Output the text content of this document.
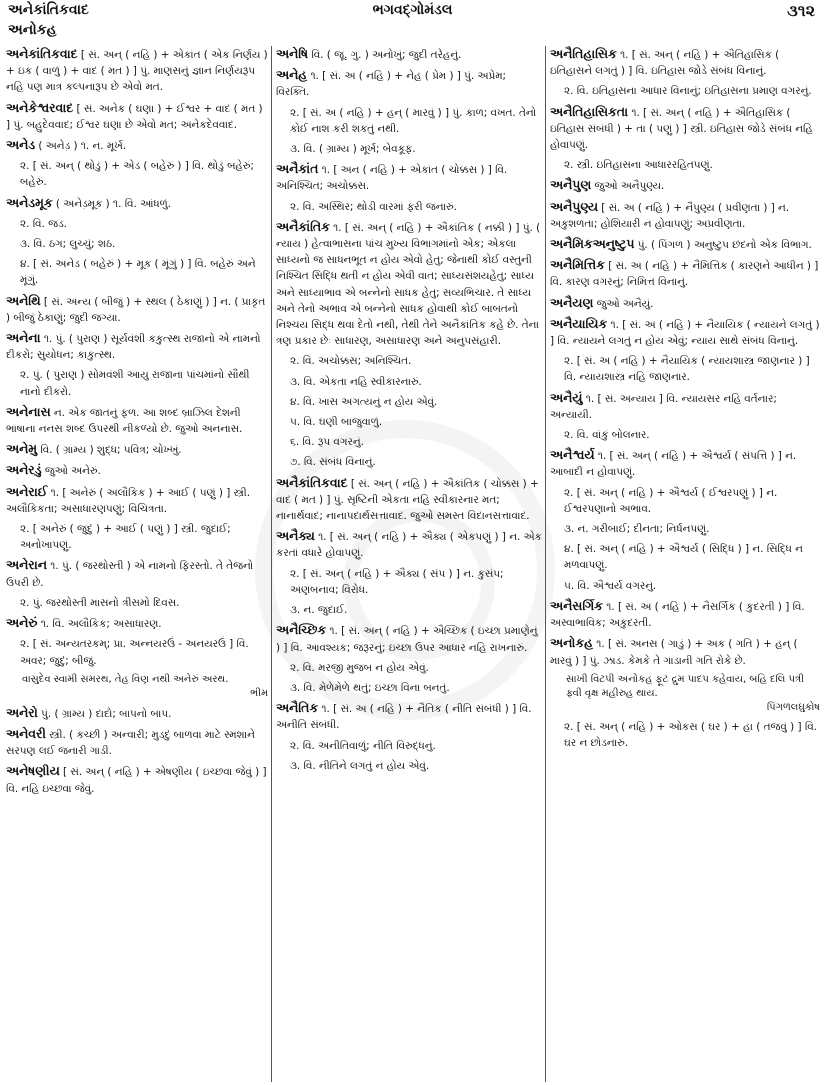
અનેકાંતિકવાદ
અનોકહ
ભગવદ્ગોમંડલ	૩૧૨
અનેકાંતિકવાદ [ સં. અન્ ( નહિ ) + એકાંત ( એક નિર્ણય ) + ઇક ( વાળું ) + વાદ ( મત ) ] પું. માણસનું જ્ઞાન નિર્ણયરૂપ નહિ પણ માત્ર કલ્પનારૂપ છે એવો મત.
અનેકેશ્વરવાદ [ સં. અનેક ( ઘણા ) + ઈશ્વર + વાદ ( મત ) ] પું. બહુદેવવાદ; ઈશ્વર ઘણા છે એવો મત; અનેકદેવવાદ.
અનેડ ( અનેડ઼ ) ૧. ન. મૂર્ખ.
૨. [ સં. અન્ ( થોડું ) + એડ ( બહેરું ) ] વિ. થોડું બહેરું; બહેરું.
અનેડમૂક ( અનેડ઼મૂક ) ૧. વિ. આંધળું.
૨. વિ. જડ.
૩. વિ. ઠગ; લુચ્ચું; શઠ.
૪. [ સં. અનેડ ( બહેરું ) + મૂક ( મૂંગું ) ] વિ. બહેરું અને મૂંગું.
અનેથિ [ સં. અન્ય ( બીજું ) + સ્થલ ( ઠેકાણું ) ] ન. ( પ્રાકૃત ) બીજું ઠેકાણું; જુદી જગ્યા.
અનેના ૧. પું. ( પુરાણ ) સૂર્યવંશી કકુત્સ્થ રાજાનો એ નામનો દીકરો; સુયોધન; કાકુત્સ્થ.
૨. પું. ( પુરાણ ) સોમવંશી આયુ રાજાના પાંચમાંનો સૌથી નાનો દીકરો.
અનેનાસ ન. એક જાતનું ફળ. આ શબ્દ બ્રાઝિલ દેશની ભાષાના નનસ શબ્દ ઉપરથી નીકળ્યો છે. જુઓ અનનાસ.
અનેમુ વિ. ( ગ્રામ્ય ) શુદ્ધ; પવિત્ર; ચોખ્ખું.
અનેરડું જુઓ અનેરું.
અનેરાઈ ૧. [ અનેરું ( અલૌકિક ) + આઈ ( પણું ) ] સ્ત્રી. અલૌકિકતા; અસાધારણપણું; વિચિત્રતા.
૨. [ અનેરું ( જુદું ) + આઈ ( પણું ) ] સ્ત્રી. જુદાઈ; અનોખાપણું.
અનેરાન ૧. પું. ( જરથોસ્તી ) એ નામનો ફિરસ્તો. તે તેજનો ઉપરી છે.
૨. પું. જરથોસ્તી માસનો ત્રીસમો દિવસ.
અનેરું ૧. વિ. અલૌકિક; અસાધારણ.
૨. [ સં. અન્યતરકમ્; પ્રા. અન્નયરઉં - અનયરઉં ] વિ. અવર; જુદું; બીજું.
વાસુદેવ સ્વામી સમરથ, તેહ વિણ નથી અનેરું અરથ.
ભીમ
અનેરો પું. ( ગ્રામ્ય ) દાદો; બાપનો બાપ.
અનેવરી સ્ત્રી. ( કચ્છી ) અન્વારી; મુડદું બાળવા માટે સ્મશાને સરપણ લઈ જનારી ગાડી.
અનેષણીય [ સં. અન્ ( નહિ ) + એષણીય ( ઇચ્છવા જેવું ) ] વિ. નહિ ઇચ્છવા જેવું.
અનેષિ વિ. ( જૂ. ગુ. ) અનોખું; જુદી તરેહનું.
અનેહ ૧. [ સં. અ ( નહિ ) + નેહ ( પ્રેમ ) ] પું. અપ્રેમ; વિરક્તિ.
૨. [ સં. અ ( નહિ ) + હન્ ( મારવું ) ] પું. કાળ; વખત. તેનો કોઈ નાશ કરી શકતું નથી.
૩. વિ. ( ગ્રામ્ય ) મૂર્ખ; બેવકૂફ.
અનૈકાંત ૧. [ અન ( નહિ ) + એકાંત ( ચોક્કસ ) ] વિ. અનિશ્ચિત; અચોક્કસ.
૨. વિ. અસ્થિર; થોડી વારમાં ફરી જનારું.
અનૈકાંતિક ૧. [ સં. અન્ ( નહિ ) + ઐકાંતિક ( નક્કી ) ] પું. ( ન્યાય ) હેત્વાભાસના પાંચ મુખ્ય વિભાગમાંનો એક; એકલા સાધ્યનો જ સાધનભૂત ન હોય એવો હેતુ; જેનાથી કોઈ વસ્તુની નિશ્ચિત સિદ્ધિ થતી ન હોય એવી વાત; સાધ્યસંશયહેતુ; સાધ્ય અને સાધ્યાભાવ એ બન્નેનો સાધક હેતુ; સવ્યભિચાર. તે સાધ્ય અને તેનો અભાવ એ બન્નેનો સાધક હોવાથી કોઈ બાબતનો નિશ્ચય સિદ્ધ થવા દેતો નથી, તેથી તેને અનૈકાંતિક કહે છે. તેના ત્રણ પ્રકાર છેઃ સાધારણ, અસાધારણ અને અનુપસંહારી.
૨. વિ. અચોક્કસ; અનિશ્ચિત.
૩. વિ. એકતા નહિ સ્વીકારનારું.
૪. વિ. ખાસ અગત્યનું ન હોય એવું.
૫. વિ. ઘણી બાજુવાળું.
૬. વિ. રૂપ વગરનું.
૭. વિ. સંબંધ વિનાનું.
અનૈકાંતિકવાદ [ સં. અન્ ( નહિ ) + ઐકાંતિક ( ચોક્કસ ) + વાદ ( મત ) ] પું. સૃષ્ટિની એકતા નહિ સ્વીકારનાર મત; નાનાર્થવાદ; નાનાપદાર્થસત્તાવાદ. જુઓ સમસ્ત વિદાનસત્તાવાદ.
અનૈક્ય ૧. [ સં. અન્ ( નહિ ) + ઐક્ય ( એકપણું ) ] ન. એક કરતાં વધારે હોવાપણું.
૨. [ સં. અન્ ( નહિ ) + ઐક્ય ( સંપ ) ] ન. કુસંપ; અણબનાવ; વિરોધ.
૩. ન. જુદાઈ.
અનૈચ્છિક ૧. [ સં. અન્ ( નહિ ) + ઐચ્છિક ( ઇચ્છા પ્રમાણેનું ) ] વિ. આવશ્યક; જરૂરનું; ઇચ્છા ઉપર આધાર નહિ રાખનારું.
૨. વિ. મરજી મુજબ ન હોય એવું.
૩. વિ. મેળેમેળે થતું; ઇચ્છા વિના બનતું.
અનૈતિક ૧. [ સં. અ ( નહિ ) + નૈતિક ( નીતિ સંબંધી ) ] વિ. અનીતિ સંબંધી.
૨. વિ. અનીતિવાળું; નીતિ વિરુદ્ધનું.
૩. વિ. નીતિને લગતું ન હોય એવું.
અનૈતિહાસિક ૧. [ સં. અન્ ( નહિ ) + ઐતિહાસિક ( ઇતિહાસને લગતું ) ] વિ. ઇતિહાસ જોડે સંબંધ વિનાનું.
૨. વિ. ઇતિહાસના આધાર વિનાનું; ઇતિહાસના પ્રમાણ વગરનું.
અનૈતિહાસિકતા ૧. [ સં. અન્ ( નહિ ) + ઐતિહાસિક ( ઇતિહાસ સંબંધી ) + તા ( પણું ) ] સ્ત્રી. ઇતિહાસ જોડે સંબંધ નહિ હોવાપણું.
૨. સ્ત્રી. ઇતિહાસના આધારરહિતપણું.
અનૈપુણ જુઓ અનૈપુણ્ય.
અનૈપુણ્ય [ સં. અ ( નહિ ) + નૈપુણ્ય ( પ્રવીણતા ) ] ન. અકુશળતા; હોશિયારી ન હોવાપણું; અપ્રવીણતા.
અનૈમિકઅનુષ્ટુપ પું. ( પિંગળ ) અનુષ્ટુપ છંદનો એક વિભાગ.
અનૈમિત્તિક [ સં. અ ( નહિ ) + નૈમિત્તિક ( કારણને આધીન ) ] વિ. કારણ વગરનું; નિમિત્ત વિનાનું.
અનૈયણ જુઓ અનૈયું.
અનૈયાયિક ૧. [ સં. અ ( નહિ ) + નૈયાયિક ( ન્યાયને લગતું ) ] વિ. ન્યાયને લગતું ન હોય એવું; ન્યાય સાથે સંબંધ વિનાનું.
૨. [ સં. અ ( નહિ ) + નૈયાયિક ( ન્યાયશાસ્ત્ર જાણનાર ) ] વિ. ન્યાયશાસ્ત્ર નહિ જાણનાર.
અનૈયું ૧. [ સં. અન્યાય ] વિ. ન્યાયસર નહિ વર્તનાર; અન્યાયી.
૨. વિ. વાંકું બોલનાર.
અનૈશ્વર્ય ૧. [ સં. અન્ ( નહિ ) + ઐશ્વર્ય ( સંપત્તિ ) ] ન. આબાદી ન હોવાપણું.
૨. [ સં. અન્ ( નહિ ) + ઐશ્વર્ય ( ઈશ્વરપણું ) ] ન. ઈશ્વરપણાનો અભાવ.
૩. ન. ગરીબાઈ; દીનતા; નિર્ધનપણું.
૪. [ સં. અન્ ( નહિ ) + ઐશ્વર્ય ( સિદ્ધિ ) ] ન. સિદ્ધિ ન મળવાપણું.
૫. વિ. ઐશ્વર્ય વગરનું.
અનૈસર્ગિક ૧. [ સં. અ ( નહિ ) + નૈસર્ગિક ( કુદરતી ) ] વિ. અસ્વાભાવિક; અકુદરતી.
અનોકહ ૧. [ સં. અનસ ( ગાડું ) + અક ( ગતિ ) + હન્ ( મારવું ) ] પું. ઝાડ. કેમકે તે ગાડાની ગતિ રોકે છે.
સાખી વિટપી અનોકહ ફૂટ દ્રુમ પાદપ કહેવાય, બહિ દલિ પત્રી ફ્વી વૃક્ષ મહીરુહ થાય.
પિંગળલઘુકોષ
૨. [ સં. અન્ ( નહિ ) + ઓકસ ( ઘર ) + હા ( તજવું ) ] વિ. ઘર ન છોડનારું.
